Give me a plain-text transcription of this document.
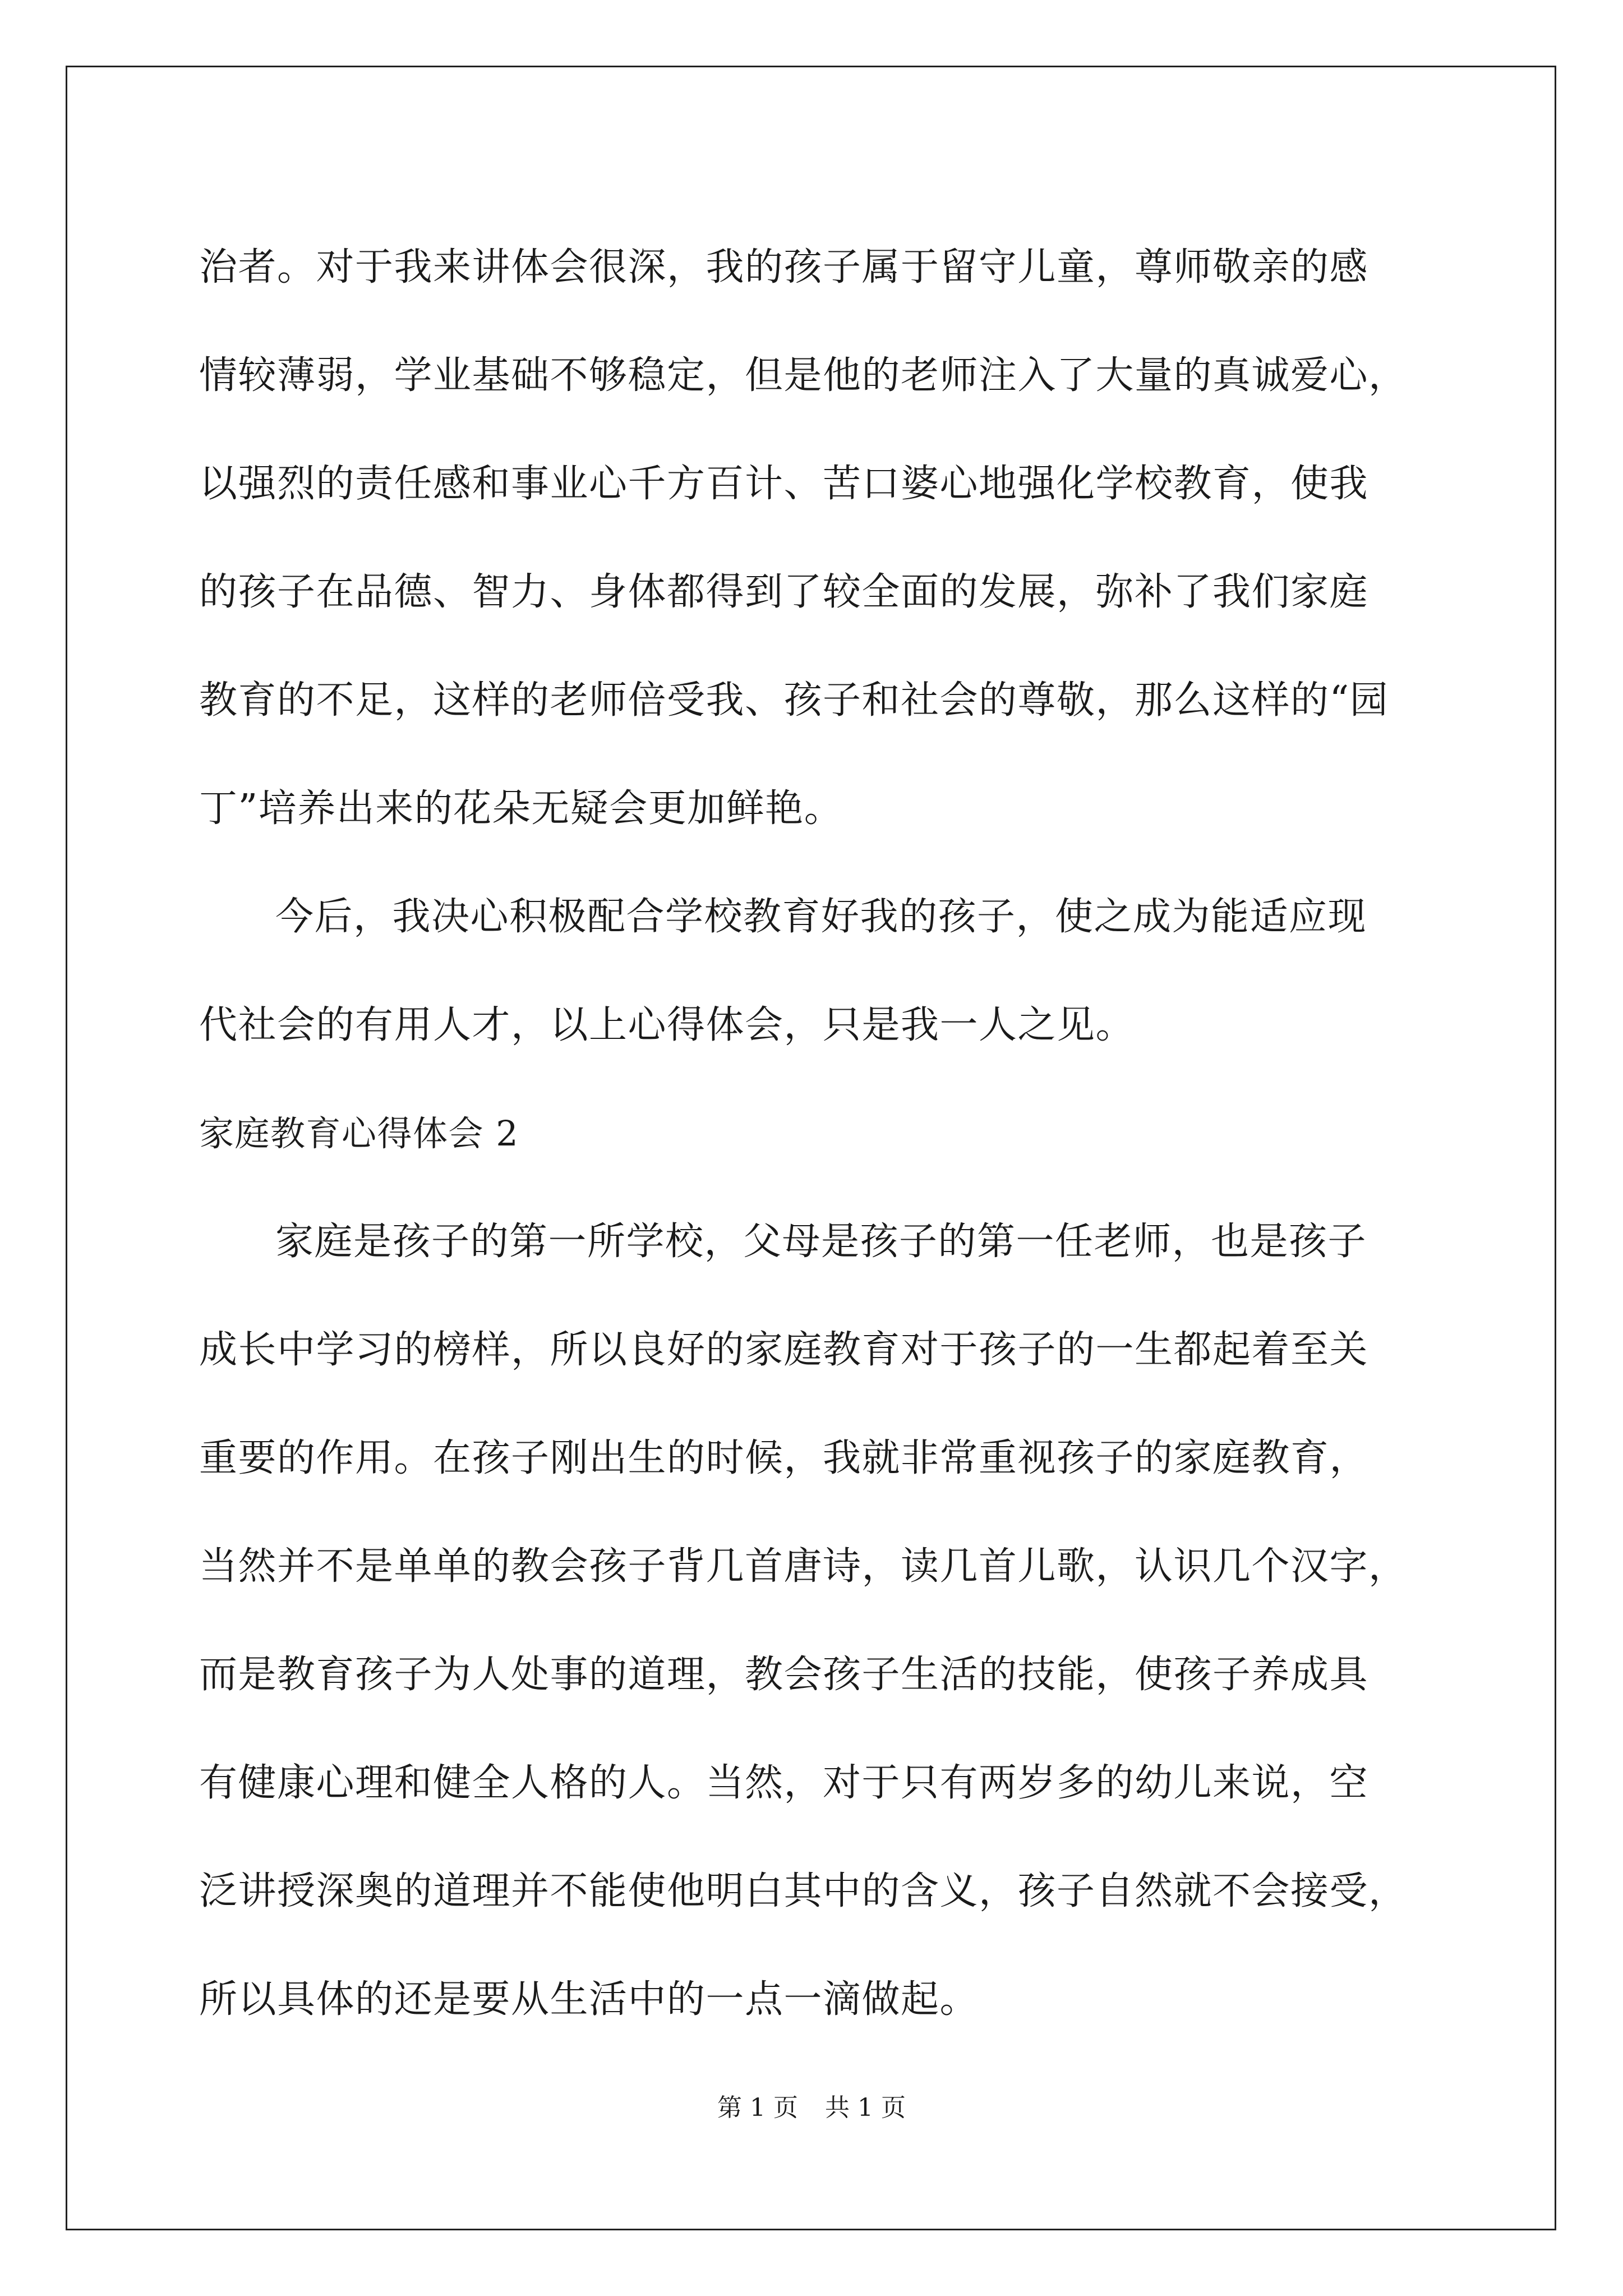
治者。对于我来讲体会很深，我的孩子属于留守儿童，尊师敬亲的感
情较薄弱，学业基础不够稳定，但是他的老师注入了大量的真诚爱心，
以强烈的责任感和事业心千方百计、苦口婆心地强化学校教育，使我
的孩子在品德、智力、身体都得到了较全面的发展，弥补了我们家庭
教育的不足，这样的老师倍受我、孩子和社会的尊敬，那么这样的“园
丁”培养出来的花朵无疑会更加鲜艳。
今后，我决心积极配合学校教育好我的孩子，使之成为能适应现
代社会的有用人才，以上心得体会，只是我一人之见。
家庭教育心得体会 2
家庭是孩子的第一所学校，父母是孩子的第一任老师，也是孩子
成长中学习的榜样，所以良好的家庭教育对于孩子的一生都起着至关
重要的作用。在孩子刚出生的时候，我就非常重视孩子的家庭教育，
当然并不是单单的教会孩子背几首唐诗，读几首儿歌，认识几个汉字，
而是教育孩子为人处事的道理，教会孩子生活的技能，使孩子养成具
有健康心理和健全人格的人。当然，对于只有两岁多的幼儿来说，空
泛讲授深奥的道理并不能使他明白其中的含义，孩子自然就不会接受，
所以具体的还是要从生活中的一点一滴做起。
第 1 页 共 1 页
